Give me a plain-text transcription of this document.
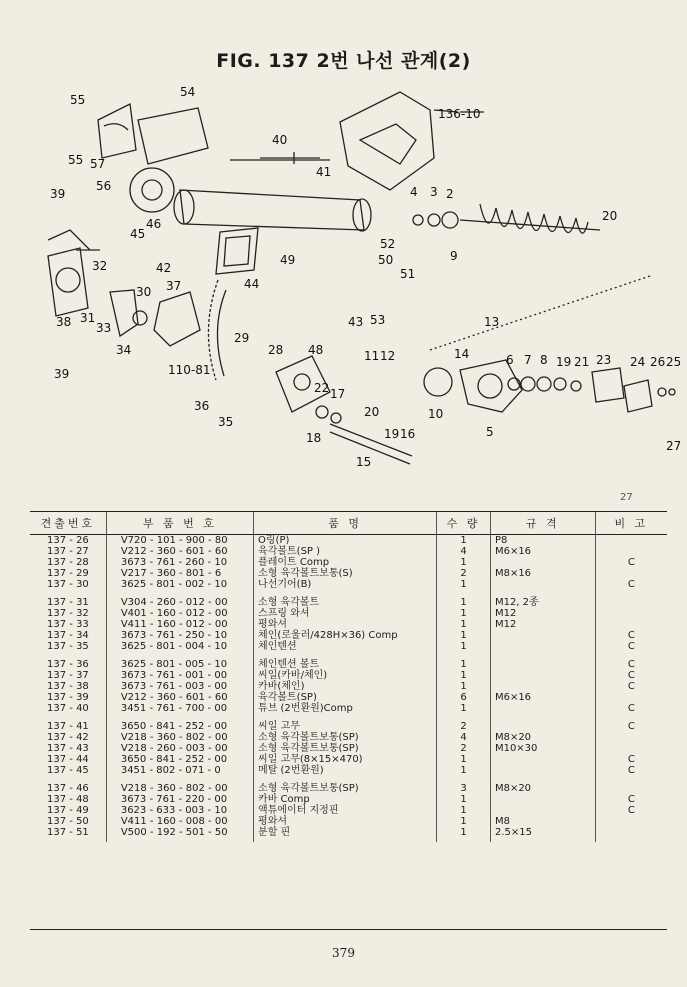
FIG. 137 2번 나선 관계(2)
55
55
54
136-10
57
56
40
41
4 3 2
39
46
45
20
42
9
32	50
51
49
37
30
52
44
31
33
38
34	48
13
39
43 53
14
110-81
29
11 12	6 7 8 19 21 23 24 26 25
28
22 17
36
18
10
5
20
35
19 16
15
27
27
견출번호	부 품 번 호	품 명	수 량	규 격	비 고
137 - 26	V720 - 101 - 900 - 80	O링(P)	1	P8	
137 - 27	V212 - 360 - 601 - 60	육각볼트(SP )	4	M6×16	
137 - 28	3673 - 761 - 260 - 10	플레이트 Comp	1		C
137 - 29	V217 - 360 - 801 - 6	소형 육각볼트보통(S)	2	M8×16	
137 - 30	3625 - 801 - 002 - 10	나선기어(B)	1		C
137 - 31	V304 - 260 - 012 - 00	소형 육각볼트	1	M12, 2종	
137 - 32	V401 - 160 - 012 - 00	스프링 와셔	1	M12	
137 - 33	V411 - 160 - 012 - 00	평와셔	1	M12	
137 - 34	3673 - 761 - 250 - 10	체인(로울러/428H×36) Comp	1		C
137 - 35	3625 - 801 - 004 - 10	체인텐션	1		C
137 - 36	3625 - 801 - 005 - 10	체인텐션 볼트	1		C
137 - 37	3673 - 761 - 001 - 00	씨일(카바/체인)	1		C
137 - 38	3673 - 761 - 003 - 00	카바(체인)	1		C
137 - 39	V212 - 360 - 601 - 60	육각볼트(SP)	6	M6×16	
137 - 40	3451 - 761 - 700 - 00	튜브 (2번환원)Comp	1		C
137 - 41	3650 - 841 - 252 - 00	씨일 고무	2		C
137 - 42	V218 - 360 - 802 - 00	소형 육각볼트보통(SP)	4	M8×20	
137 - 43	V218 - 260 - 003 - 00	소형 육각볼트보통(SP)	2	M10×30	
137 - 44	3650 - 841 - 252 - 00	씨일 고무(8×15×470)	1		C
137 - 45	3451 - 802 - 071 - 0	메탈 (2번환원)	1		C
137 - 46	V218 - 360 - 802 - 00	소형 육각볼트보통(SP)	3	M8×20	
137 - 48	3673 - 761 - 220 - 00	카바 Comp	1		C
137 - 49	3623 - 633 - 003 - 10	액튜에이터 지정핀	1		C
137 - 50	V411 - 160 - 008 - 00	평와셔	1	M8	
137 - 51	V500 - 192 - 501 - 50	분할 핀	1	2.5×15	
379
